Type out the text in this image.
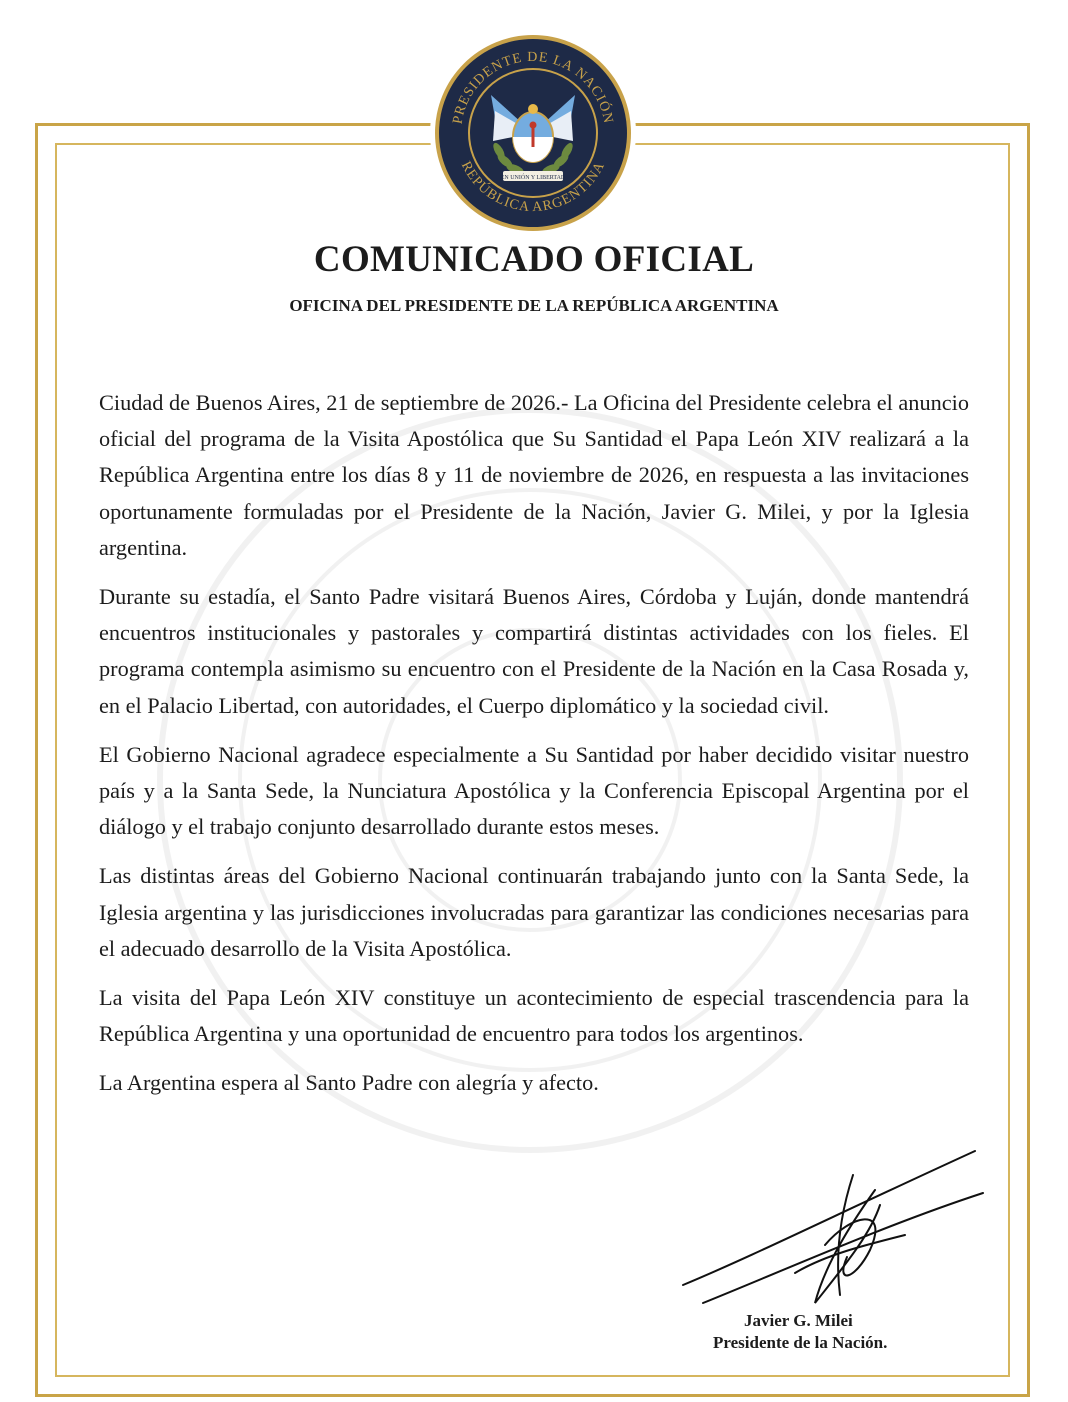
PRESIDENTE DE LA NACIÓN
REPÚBLICA ARGENTINA
EN UNIÓN Y LIBERTAD
COMUNICADO OFICIAL
OFICINA DEL PRESIDENTE DE LA REPÚBLICA ARGENTINA

Ciudad de Buenos Aires, 21 de septiembre de 2026.- La Oficina del Presidente celebra el anuncio oficial del programa de la Visita Apostólica que Su Santidad el Papa León XIV realizará a la República Argentina entre los días 8 y 11 de noviembre de 2026, en respuesta a las invitaciones oportunamente formuladas por el Presidente de la Nación, Javier G. Milei, y por la Iglesia argentina.

Durante su estadía, el Santo Padre visitará Buenos Aires, Córdoba y Luján, donde mantendrá encuentros institucionales y pastorales y compartirá distintas actividades con los fieles. El programa contempla asimismo su encuentro con el Presidente de la Nación en la Casa Rosada y, en el Palacio Libertad, con autoridades, el Cuerpo diplomático y la sociedad civil.

El Gobierno Nacional agradece especialmente a Su Santidad por haber decidido visitar nuestro país y a la Santa Sede, la Nunciatura Apostólica y la Conferencia Episcopal Argentina por el diálogo y el trabajo conjunto desarrollado durante estos meses.

Las distintas áreas del Gobierno Nacional continuarán trabajando junto con la Santa Sede, la Iglesia argentina y las jurisdicciones involucradas para garantizar las condiciones necesarias para el adecuado desarrollo de la Visita Apostólica.

La visita del Papa León XIV constituye un acontecimiento de especial trascendencia para la República Argentina y una oportunidad de encuentro para todos los argentinos.

La Argentina espera al Santo Padre con alegría y afecto.

Javier G. Milei
Presidente de la Nación.
